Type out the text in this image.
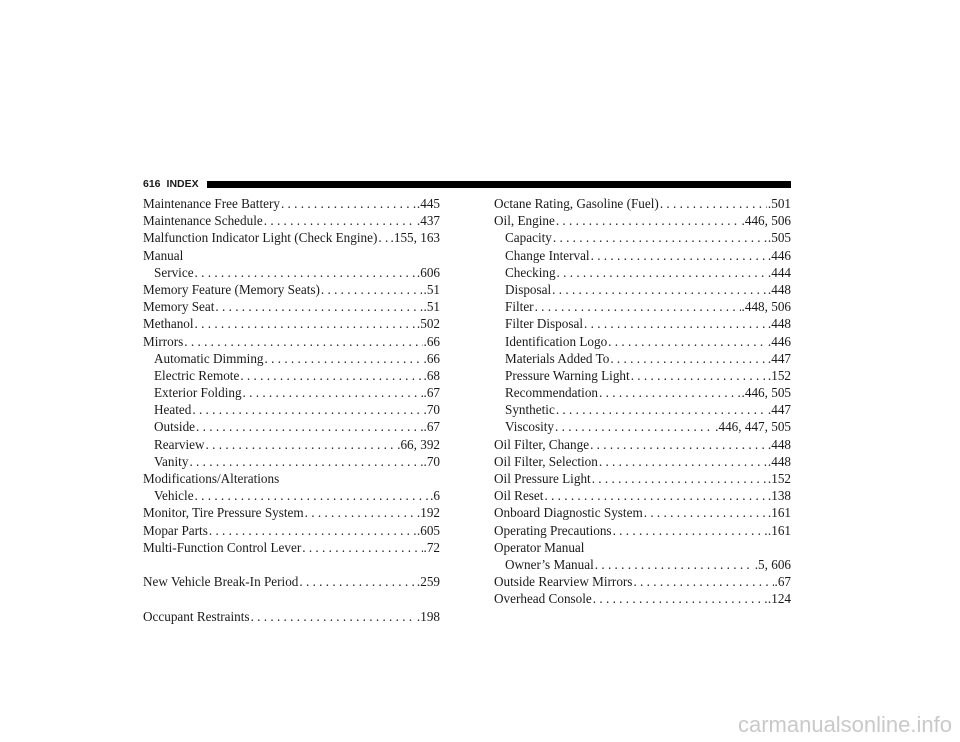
616 INDEX
Maintenance Free Battery . . .	.445
Maintenance Schedule . . .	.437
Malfunction Indicator Light (Check Engine) . . . .155, 163
Manual
Service . . .	.606
Memory Feature (Memory Seats) . . .	.51
Memory Seat . . .	.51
Methanol . . .	.502
Mirrors . . .	.66
Automatic Dimming . . .	.66
Electric Remote . . .	.68
Exterior Folding . . .	.67
Heated . . .	.70
Outside . . .	.67
Rearview . . .	.66, 392
Vanity . . .	.70
Modifications/Alterations
Vehicle . . .	.6
Monitor, Tire Pressure System . . .	.192
Mopar Parts . . .	.605
Multi-Function Control Lever . . .	.72
New Vehicle Break-In Period . . .	.259
Occupant Restraints . . .	.198
Octane Rating, Gasoline (Fuel) . . .	.501
Oil, Engine . . .	.446, 506
Capacity . . .	.505
Change Interval . . .	.446
Checking . . .	.444
Disposal . . .	.448
Filter . . .	.448, 506
Filter Disposal . . .	.448
Identification Logo . . .	.446
Materials Added To . . .	.447
Pressure Warning Light . . .	.152
Recommendation . . .	.446, 505
Synthetic . . .	.447
Viscosity . . .	.446, 447, 505
Oil Filter, Change . . .	.448
Oil Filter, Selection . . .	.448
Oil Pressure Light . . .	.152
Oil Reset . . .	.138
Onboard Diagnostic System . . .	.161
Operating Precautions . . .	.161
Operator Manual
Owner’s Manual . . .	.5, 606
Outside Rearview Mirrors . . .	.67
Overhead Console . . .	.124
carmanualsonline.info
